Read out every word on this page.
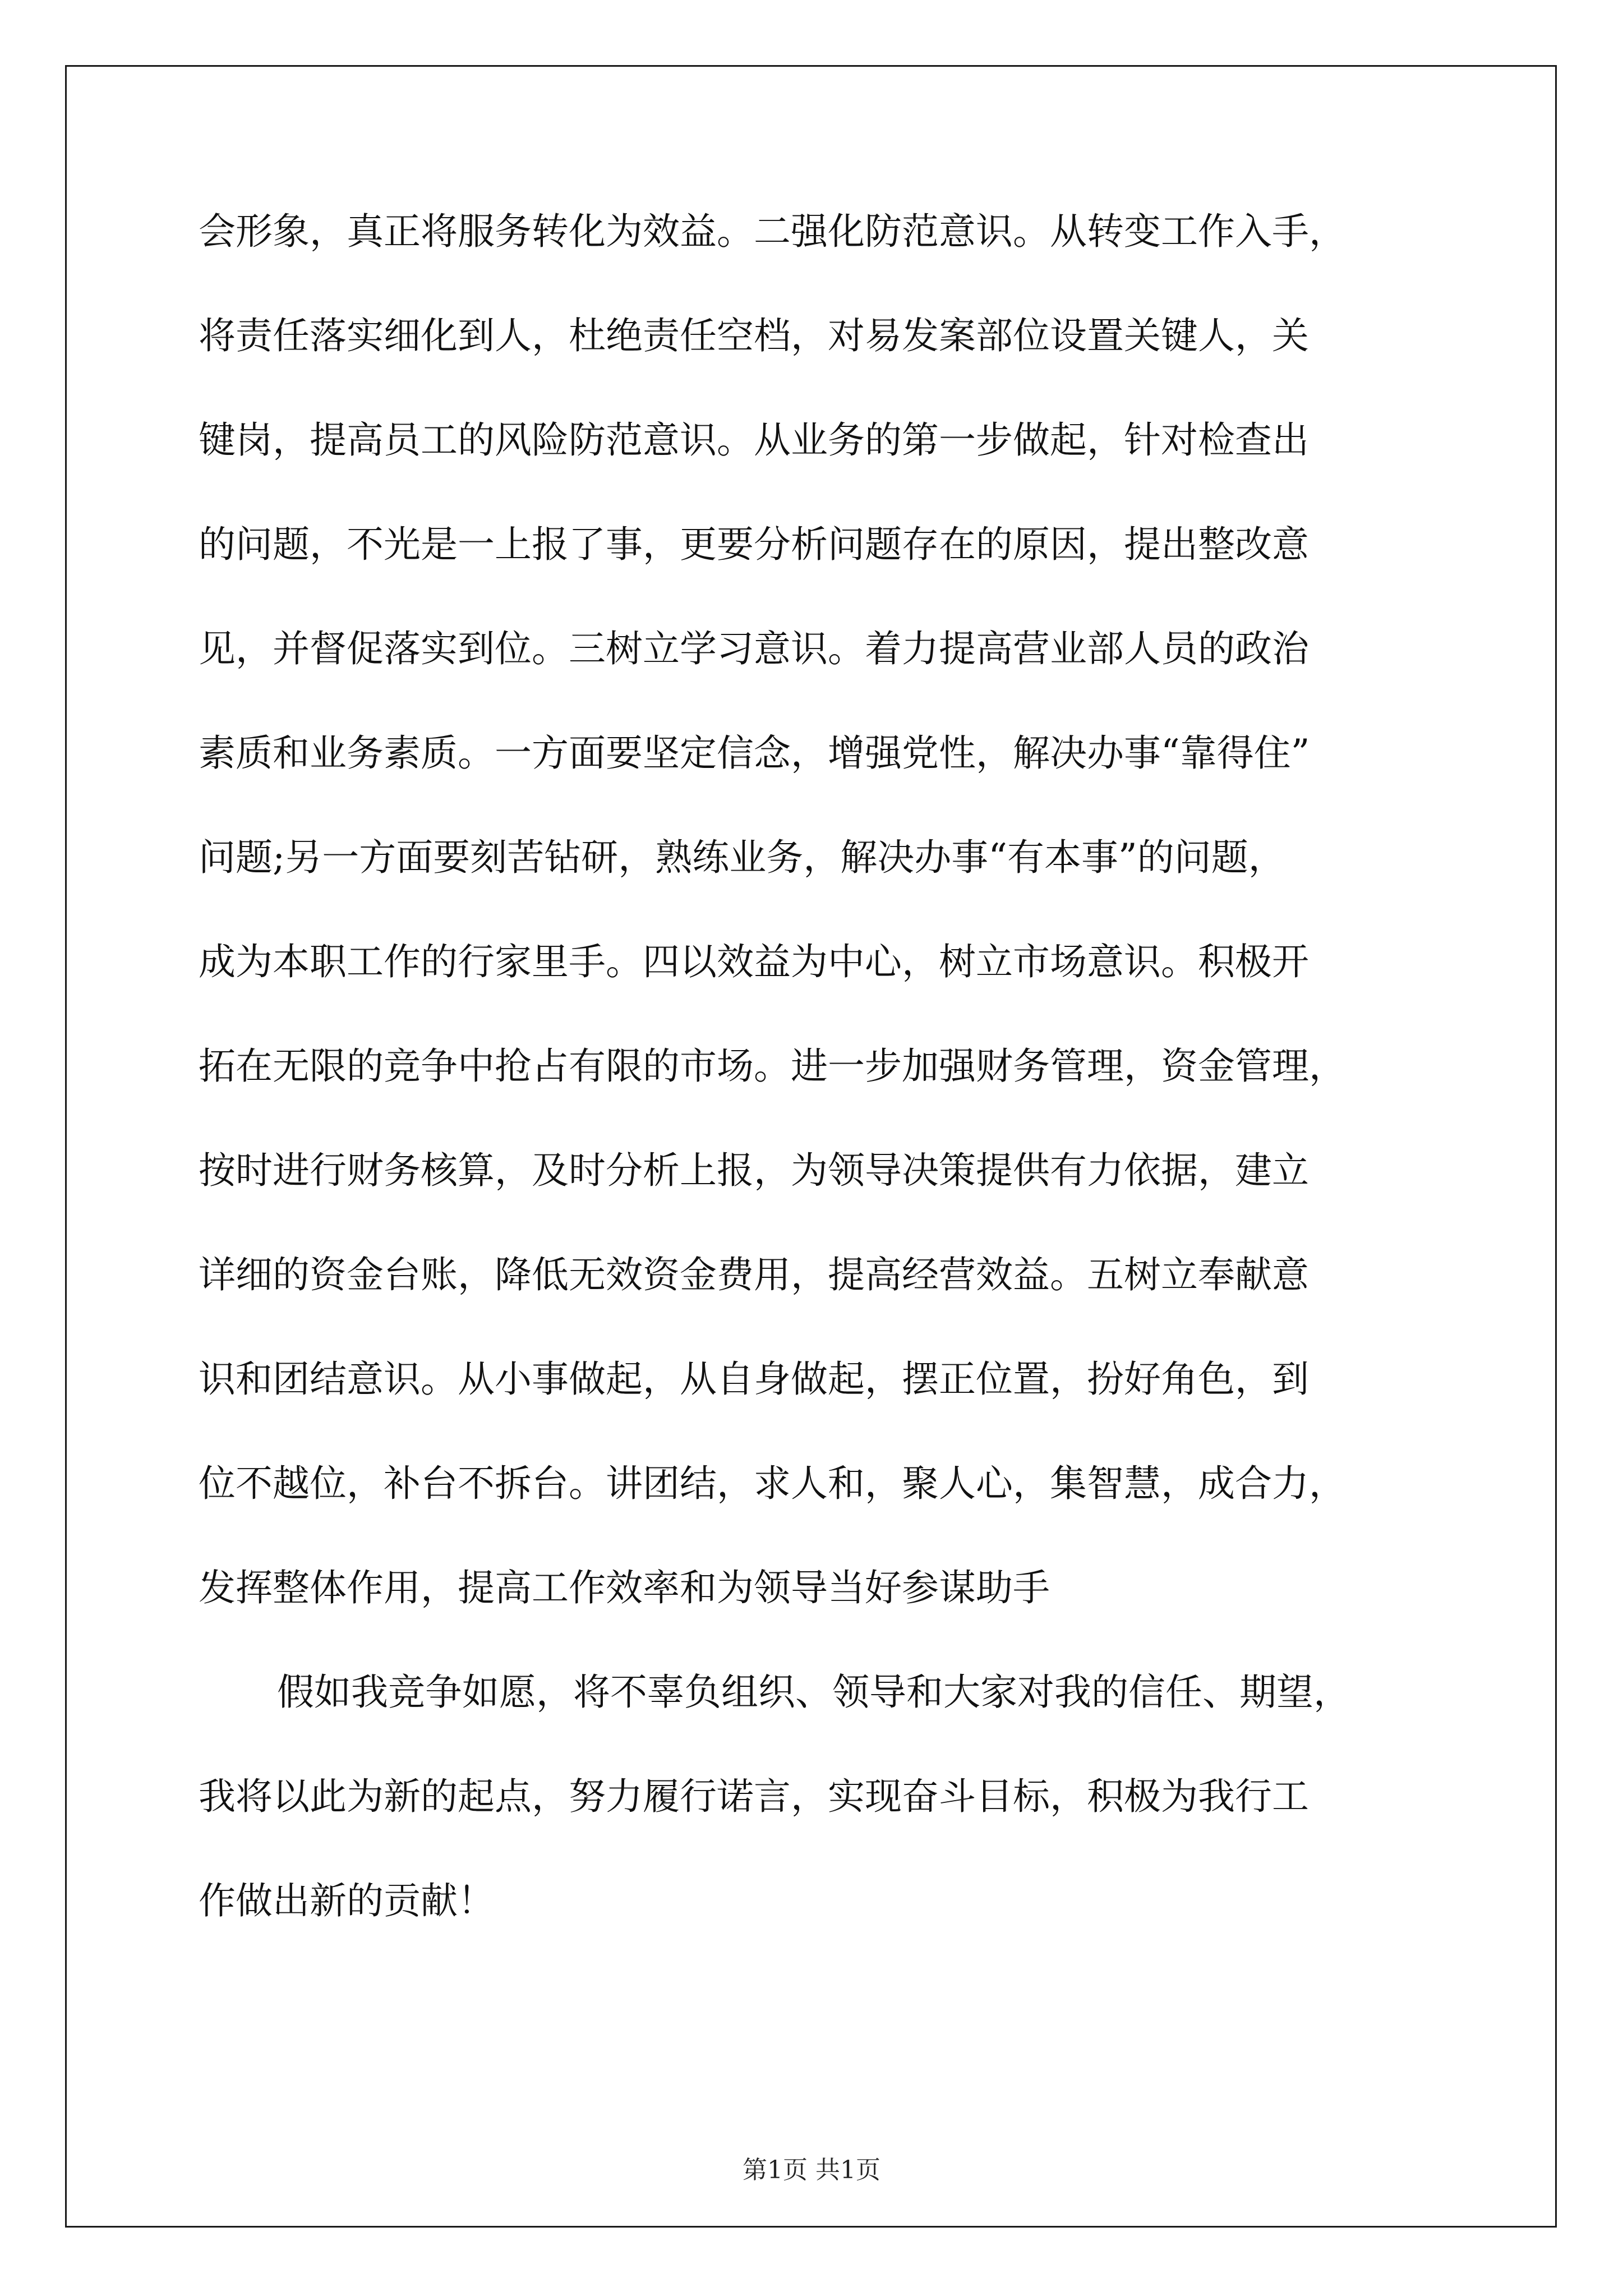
会形象，真正将服务转化为效益。二强化防范意识。从转变工作入手，
将责任落实细化到人，杜绝责任空档，对易发案部位设置关键人，关
键岗，提高员工的风险防范意识。从业务的第一步做起，针对检查出
的问题，不光是一上报了事，更要分析问题存在的原因，提出整改意
见，并督促落实到位。三树立学习意识。着力提高营业部人员的政治
素质和业务素质。一方面要坚定信念，增强党性，解决办事“靠得住”
问题;另一方面要刻苦钻研，熟练业务，解决办事“有本事”的问题，
成为本职工作的行家里手。四以效益为中心，树立市场意识。积极开
拓在无限的竞争中抢占有限的市场。进一步加强财务管理，资金管理，
按时进行财务核算，及时分析上报，为领导决策提供有力依据，建立
详细的资金台账，降低无效资金费用，提高经营效益。五树立奉献意
识和团结意识。从小事做起，从自身做起，摆正位置，扮好角色，到
位不越位，补台不拆台。讲团结，求人和，聚人心，集智慧，成合力，
发挥整体作用，提高工作效率和为领导当好参谋助手
假如我竞争如愿，将不辜负组织、领导和大家对我的信任、期望，
我将以此为新的起点，努力履行诺言，实现奋斗目标，积极为我行工
作做出新的贡献！
第1页 共1页
